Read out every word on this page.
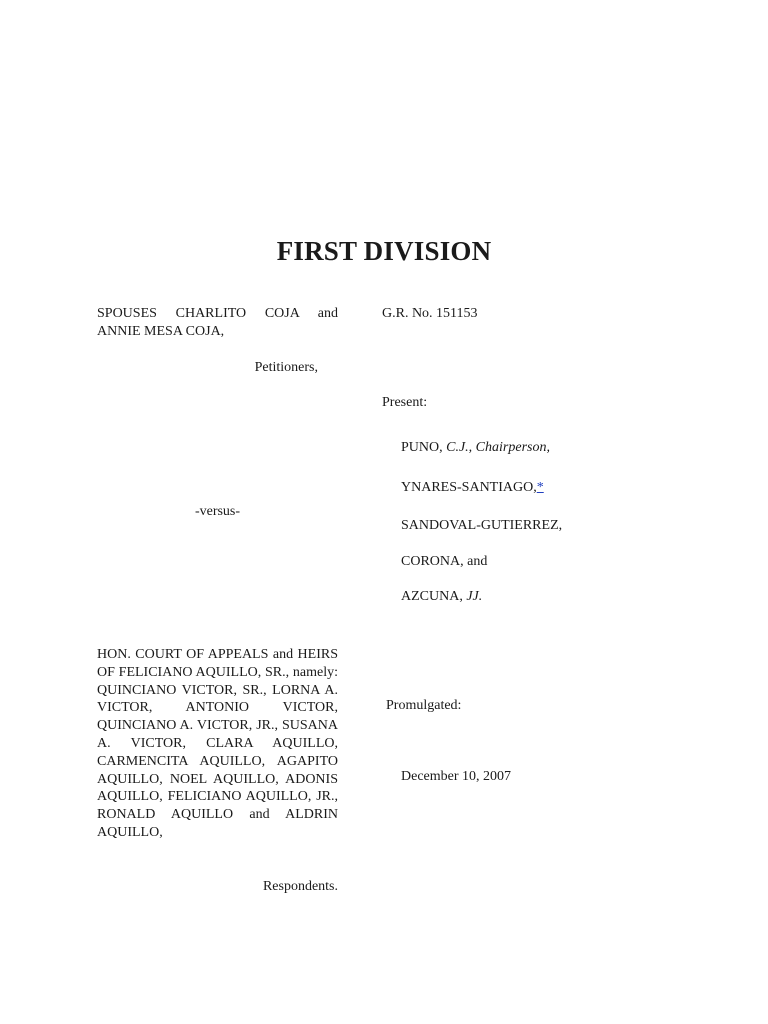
FIRST DIVISION
SPOUSES CHARLITO COJA and ANNIE MESA COJA,
Petitioners,
G.R. No. 151153
Present:
PUNO, C.J., Chairperson,
YNARES-SANTIAGO,*
SANDOVAL-GUTIERREZ,
CORONA, and
AZCUNA, JJ.
-versus-
HON. COURT OF APPEALS and HEIRS OF FELICIANO AQUILLO, SR., namely: QUINCIANO VICTOR, SR., LORNA A. VICTOR, ANTONIO VICTOR, QUINCIANO A. VICTOR, JR., SUSANA A. VICTOR, CLARA AQUILLO, CARMENCITA AQUILLO, AGAPITO AQUILLO, NOEL AQUILLO, ADONIS AQUILLO, FELICIANO AQUILLO, JR., RONALD AQUILLO and ALDRIN AQUILLO,
Respondents.
Promulgated:
December 10, 2007
